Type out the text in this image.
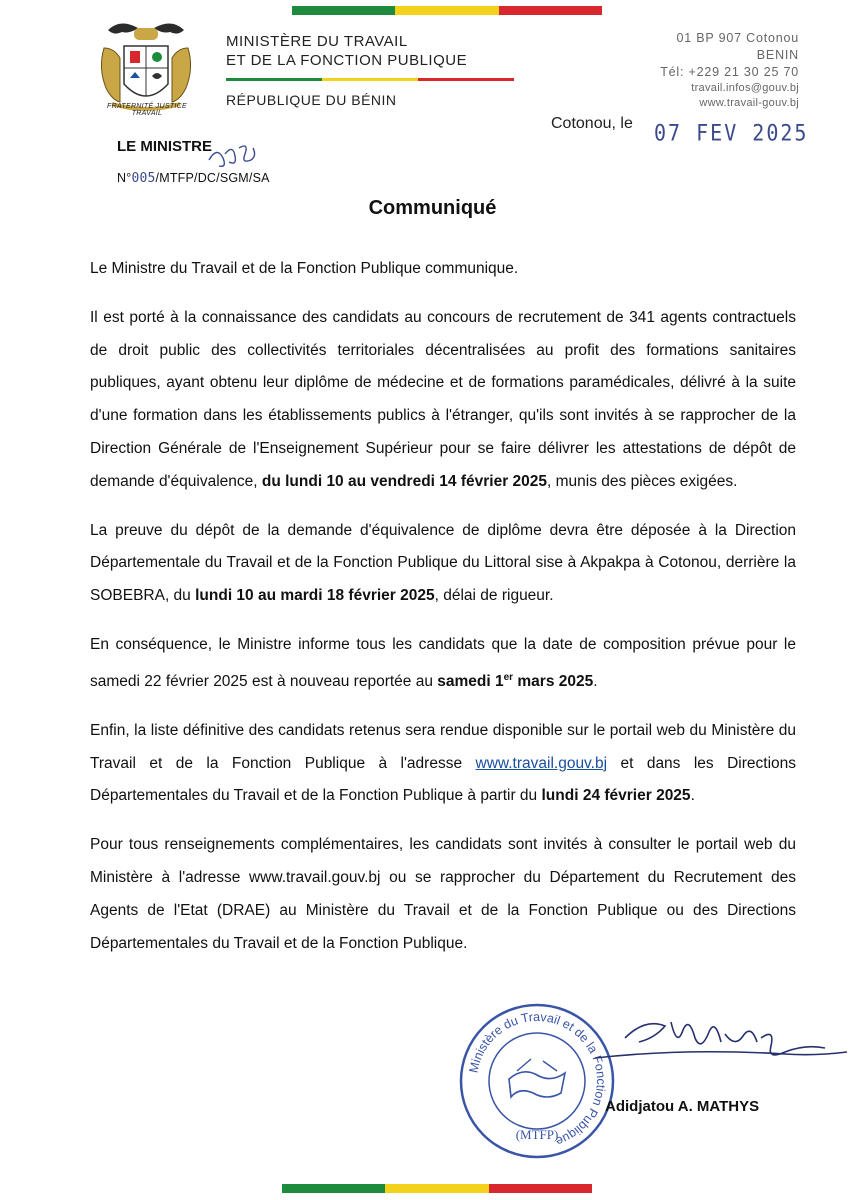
FRATERNITÉ JUSTICE TRAVAIL
MINISTÈRE DU TRAVAIL
ET DE LA FONCTION PUBLIQUE
RÉPUBLIQUE DU BÉNIN
01 BP 907 Cotonou
BENIN
Tél: +229 21 30 25 70
travail.infos@gouv.bj
www.travail-gouv.bj
Cotonou, le 07 FEV 2025
LE MINISTRE
N°005/MTFP/DC/SGM/SA
Communiqué

Le Ministre du Travail et de la Fonction Publique communique.

Il est porté à la connaissance des candidats au concours de recrutement de 341 agents contractuels de droit public des collectivités territoriales décentralisées au profit des formations sanitaires publiques, ayant obtenu leur diplôme de médecine et de formations paramédicales, délivré à la suite d'une formation dans les établissements publics à l'étranger, qu'ils sont invités à se rapprocher de la Direction Générale de l'Enseignement Supérieur pour se faire délivrer les attestations de dépôt de demande d'équivalence, du lundi 10 au vendredi 14 février 2025, munis des pièces exigées.

La preuve du dépôt de la demande d'équivalence de diplôme devra être déposée à la Direction Départementale du Travail et de la Fonction Publique du Littoral sise à Akpakpa à Cotonou, derrière la SOBEBRA, du lundi 10 au mardi 18 février 2025, délai de rigueur.

En conséquence, le Ministre informe tous les candidats que la date de composition prévue pour le samedi 22 février 2025 est à nouveau reportée au samedi 1er mars 2025.

Enfin, la liste définitive des candidats retenus sera rendue disponible sur le portail web du Ministère du Travail et de la Fonction Publique à l'adresse www.travail.gouv.bj et dans les Directions Départementales du Travail et de la Fonction Publique à partir du lundi 24 février 2025.

Pour tous renseignements complémentaires, les candidats sont invités à consulter le portail web du Ministère à l'adresse www.travail.gouv.bj ou se rapprocher du Département du Recrutement des Agents de l'Etat (DRAE) au Ministère du Travail et de la Fonction Publique ou des Directions Départementales du Travail et de la Fonction Publique.

Ministère du Travail et de la Fonction Publique
(MTFP)
Adidjatou A. MATHYS
